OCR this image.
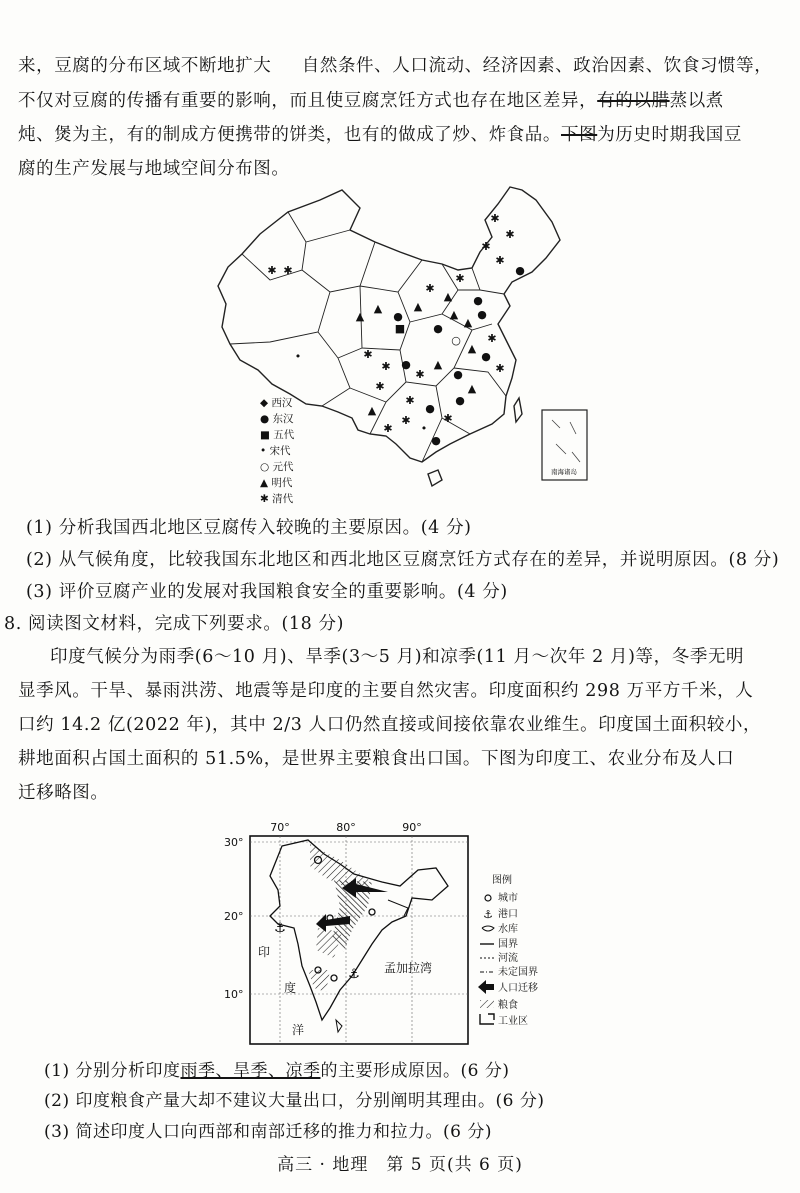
来，豆腐的分布区域不断地扩大 自然条件、人口流动、经济因素、政治因素、饮食习惯等，
不仅对豆腐的传播有重要的影响，而且使豆腐烹饪方式也存在地区差异，有的以腊蒸以煮
炖、煲为主，有的制成方便携带的饼类，也有的做成了炒、炸食品。下图为历史时期我国豆
腐的生产发展与地域空间分布图。
南海诸岛
✱ ✱
✱
✱
✱
✱
●
✱
●
✱
▲
▲
●
▲
▲
■
▲
▲
●
●
○
▲
✱
●
✱
•	✱
✱ ●
✱
▲
●
▲
●
✱
✱
●
✱
▲
✱	•
✱
●
◆ 西汉
● 东汉
■ 五代
• 宋代
○ 元代
▲ 明代
✱ 清代
(1) 分析我国西北地区豆腐传入较晚的主要原因。(4 分)
(2) 从气候角度，比较我国东北地区和西北地区豆腐烹饪方式存在的差异，并说明原因。(8 分)
(3) 评价豆腐产业的发展对我国粮食安全的重要影响。(4 分)
8. 阅读图文材料，完成下列要求。(18 分)
印度气候分为雨季(6～10 月)、旱季(3～5 月)和凉季(11 月～次年 2 月)等，冬季无明
显季风。干旱、暴雨洪涝、地震等是印度的主要自然灾害。印度面积约 298 万平方千米，人
口约 14.2 亿(2022 年)，其中 2/3 人口仍然直接或间接依靠农业维生。印度国土面积较小，
耕地面积占国土面积的 51.5%，是世界主要粮食出口国。下图为印度工、农业分布及人口
迁移略图。
70°	80°	90°
30°
20°
10°
⚓
⚓
印
度
洋
孟加拉湾
图例
城市
⚓ 港口
水库
国界
河流
未定国界
人口迁移
粮食
工业区
(1) 分别分析印度雨季、旱季、凉季的主要形成原因。(6 分)
(2) 印度粮食产量大却不建议大量出口，分别阐明其理由。(6 分)
(3) 简述印度人口向西部和南部迁移的推力和拉力。(6 分)
高三 · 地理　第 5 页(共 6 页)
